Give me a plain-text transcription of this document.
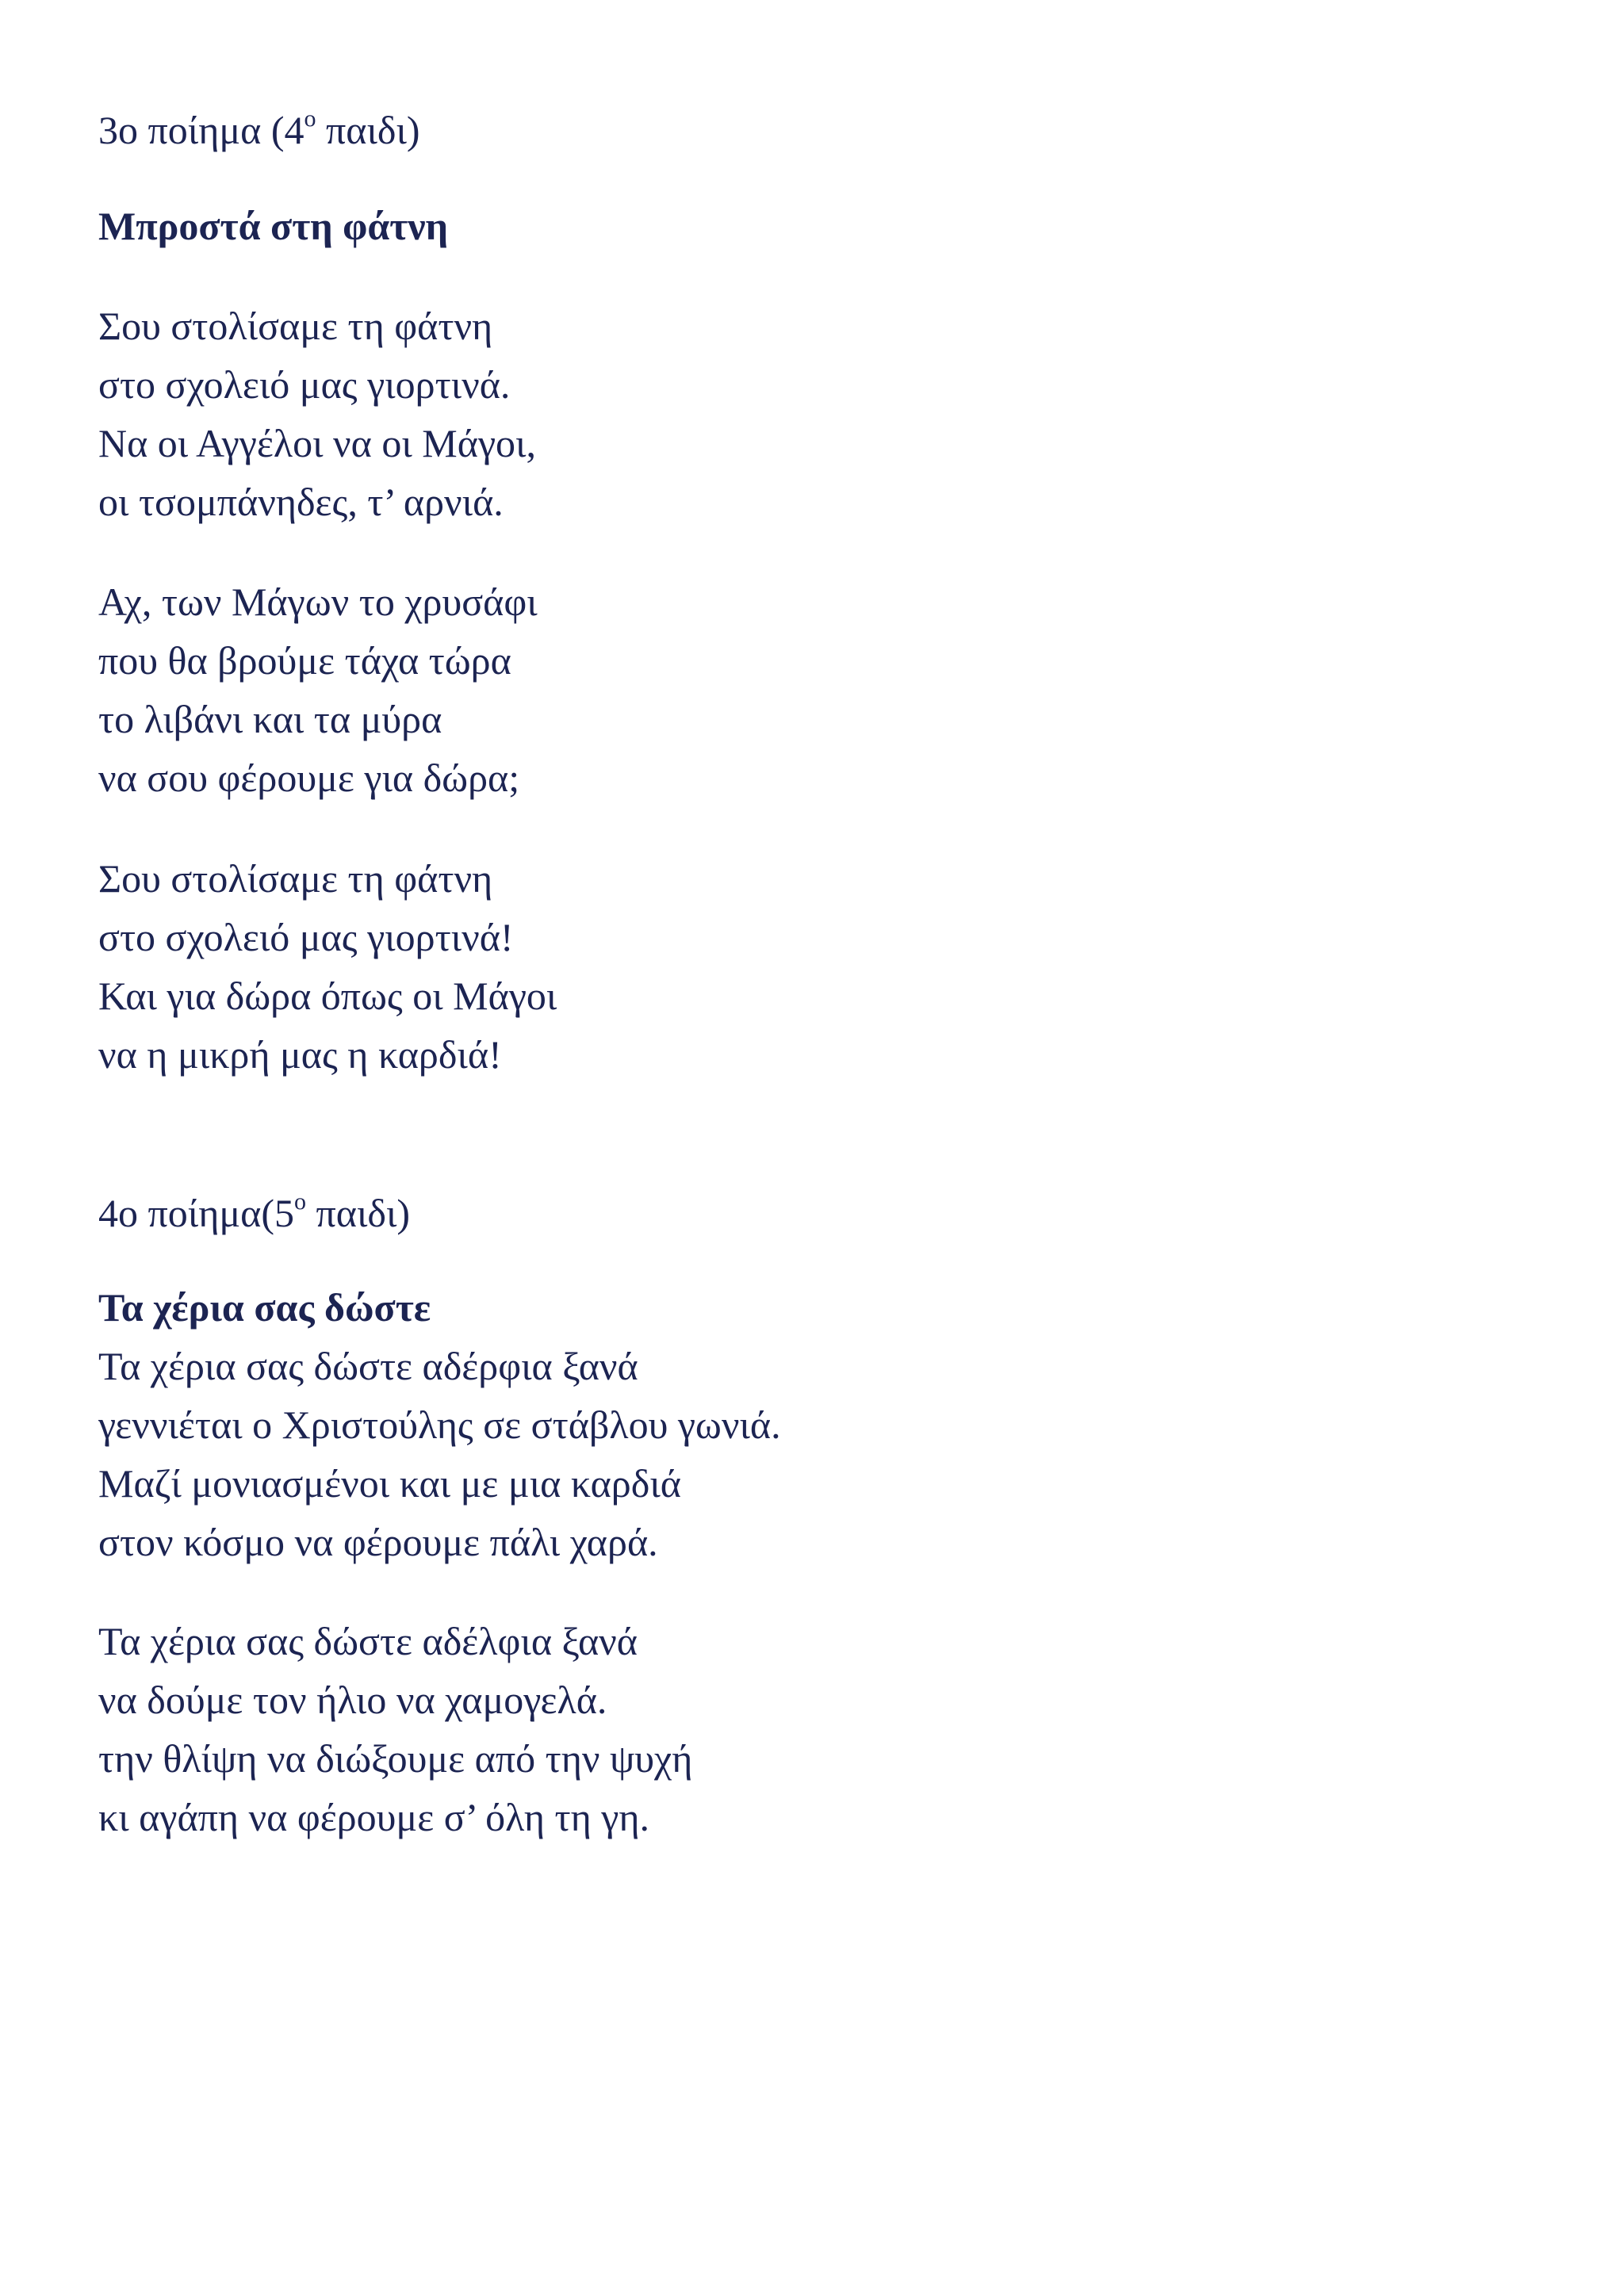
3ο ποίημα ($4^o$ παιδι)
Μπροστά στη φάτνη
Σου στολίσαμε τη φάτνη
στο σχολειό μας γιορτινά.
Να οι Αγγέλοι να οι Μάγοι,
οι τσομπάνηδες, τ’ αρνιά.
Αχ, των Μάγων το χρυσάφι
που θα βρούμε τάχα τώρα
το λιβάνι και τα μύρα
να σου φέρουμε για δώρα;
Σου στολίσαμε τη φάτνη
στο σχολειό μας γιορτινά!
Και για δώρα όπως οι Μάγοι
να η μικρή μας η καρδιά!
4ο $\pi oί\eta\mu\alpha(5^o$ παιδι)
Τα χέρια σας δώστε
Τα χέρια σας δώστε αδέρφια ξανά
γεννιέται ο Χριστούλης σε στάβλου γωνιά.
Μαζί μονιασμένοι και με μια καρδιά
στον κόσμο να φέρουμε πάλι χαρά.
Τα χέρια σας δώστε αδέλφια ξανά
να δούμε τον ήλιο να χαμογελά.
την θλίψη να διώξουμε από την ψυχή
κι αγάπη να φέρουμε σ’ όλη τη γη.
